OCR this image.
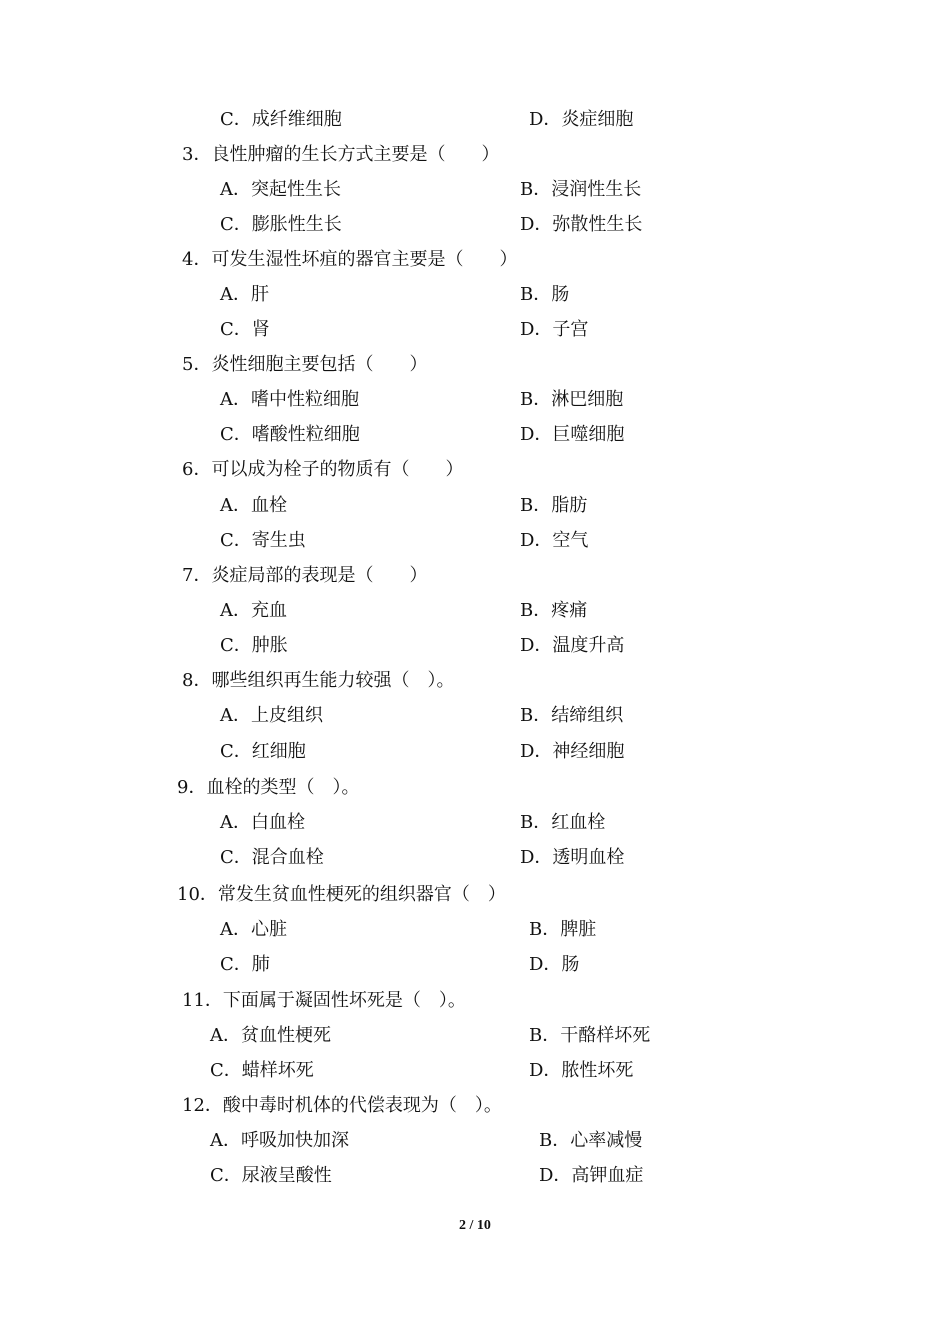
C．成纤维细胞	D．炎症细胞
3．良性肿瘤的生长方式主要是（　　）
A．突起性生长	B．浸润性生长
C．膨胀性生长	D．弥散性生长
4．可发生湿性坏疽的器官主要是（　　）
A．肝	B．肠
C．肾	D．子宫
5．炎性细胞主要包括（　　）
A．嗜中性粒细胞	B．淋巴细胞
C．嗜酸性粒细胞	D．巨噬细胞
6．可以成为栓子的物质有（　　）
A．血栓	B．脂肪
C．寄生虫	D．空气
7．炎症局部的表现是（　　）
A．充血	B．疼痛
C．肿胀	D．温度升高
8．哪些组织再生能力较强（　）。
A．上皮组织	B．结缔组织
C．红细胞	D．神经细胞
9．血栓的类型（　）。
A．白血栓	B．红血栓
C．混合血栓	D．透明血栓
10．常发生贫血性梗死的组织器官（　）
A．心脏	B．脾脏
C．肺	D．肠
11．下面属于凝固性坏死是（　）。
A．贫血性梗死	B．干酪样坏死
C．蜡样坏死	D．脓性坏死
12．酸中毒时机体的代偿表现为（　）。
A．呼吸加快加深	B．心率减慢
C．尿液呈酸性	D．高钾血症
2 / 10
